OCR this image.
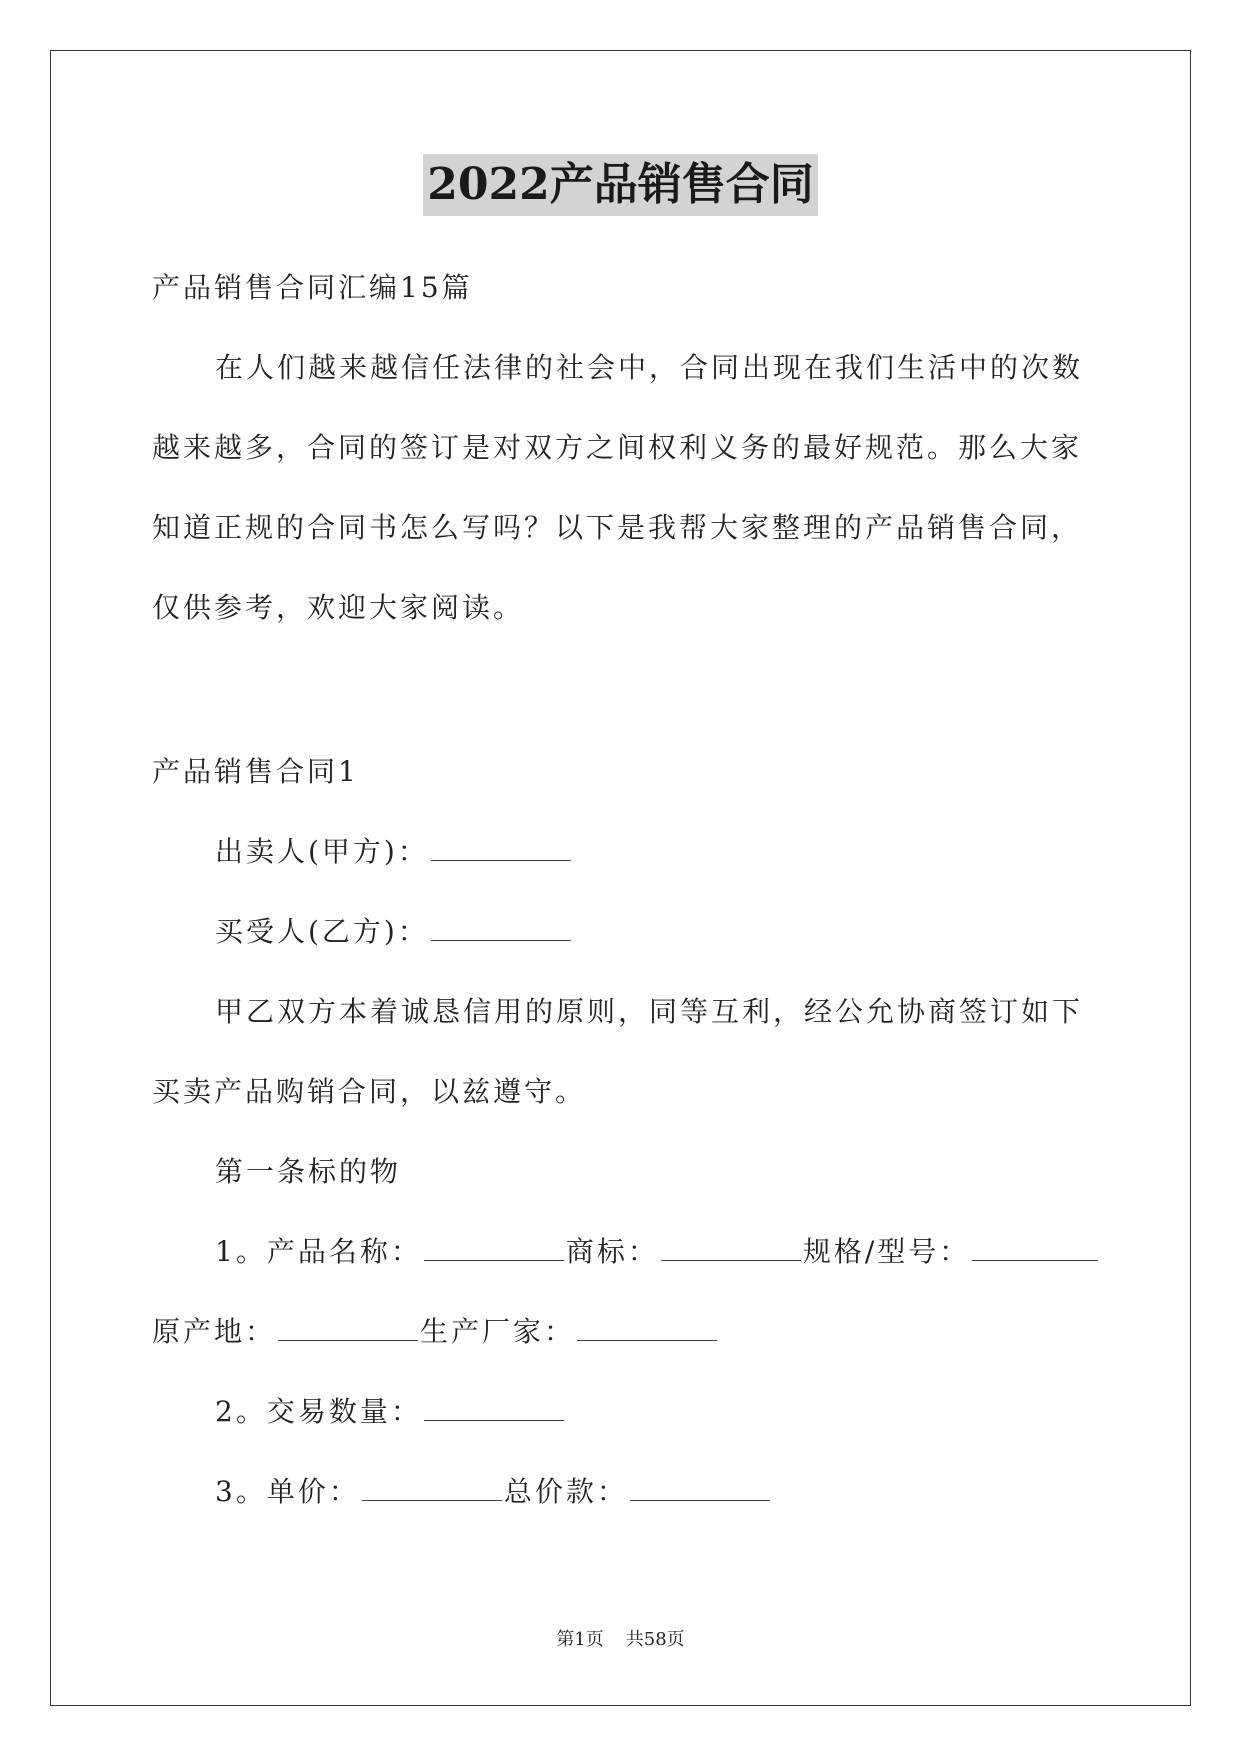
2022产品销售合同
产品销售合同汇编15篇
在人们越来越信任法律的社会中，合同出现在我们生活中的次数
越来越多，合同的签订是对双方之间权利义务的最好规范。那么大家
知道正规的合同书怎么写吗？以下是我帮大家整理的产品销售合同，
仅供参考，欢迎大家阅读。
产品销售合同1
出卖人(甲方)：
买受人(乙方)：
甲乙双方本着诚恳信用的原则，同等互利，经公允协商签订如下
买卖产品购销合同，以兹遵守。
第一条标的物
1。产品名称：	商标：	规格/型号：
原产地：	生产厂家：
2。交易数量：
3。单价：	总价款：
第1页 共58页
